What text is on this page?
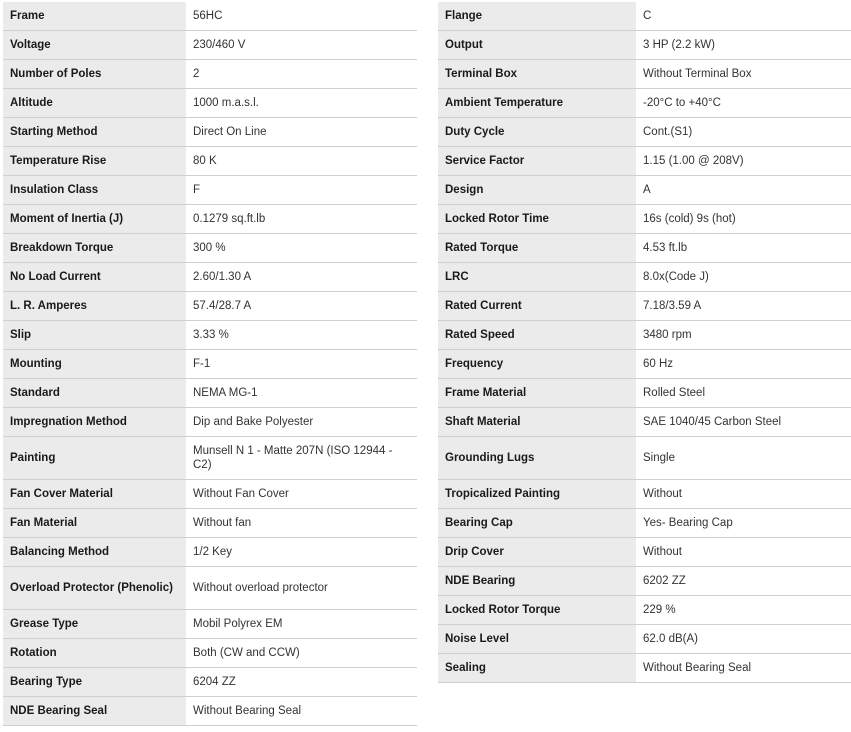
Frame	56HC
Voltage	230/460 V
Number of Poles	2
Altitude	1000 m.a.s.l.
Starting Method	Direct On Line
Temperature Rise	80 K
Insulation Class	F
Moment of Inertia (J)	0.1279 sq.ft.lb
Breakdown Torque	300 %
No Load Current	2.60/1.30 A
L. R. Amperes	57.4/28.7 A
Slip	3.33 %
Mounting	F-1
Standard	NEMA MG-1
Impregnation Method	Dip and Bake Polyester
Painting	Munsell N 1 - Matte 207N (ISO 12944 - C2)
Fan Cover Material	Without Fan Cover
Fan Material	Without fan
Balancing Method	1/2 Key
Overload Protector (Phenolic)	Without overload protector
Grease Type	Mobil Polyrex EM
Rotation	Both (CW and CCW)
Bearing Type	6204 ZZ
NDE Bearing Seal	Without Bearing Seal
Flange	C
Output	3 HP (2.2 kW)
Terminal Box	Without Terminal Box
Ambient Temperature	-20°C to +40°C
Duty Cycle	Cont.(S1)
Service Factor	1.15 (1.00 @ 208V)
Design	A
Locked Rotor Time	16s (cold) 9s (hot)
Rated Torque	4.53 ft.lb
LRC	8.0x(Code J)
Rated Current	7.18/3.59 A
Rated Speed	3480 rpm
Frequency	60 Hz
Frame Material	Rolled Steel
Shaft Material	SAE 1040/45 Carbon Steel
Grounding Lugs	Single
Tropicalized Painting	Without
Bearing Cap	Yes- Bearing Cap
Drip Cover	Without
NDE Bearing	6202 ZZ
Locked Rotor Torque	229 %
Noise Level	62.0 dB(A)
Sealing	Without Bearing Seal
